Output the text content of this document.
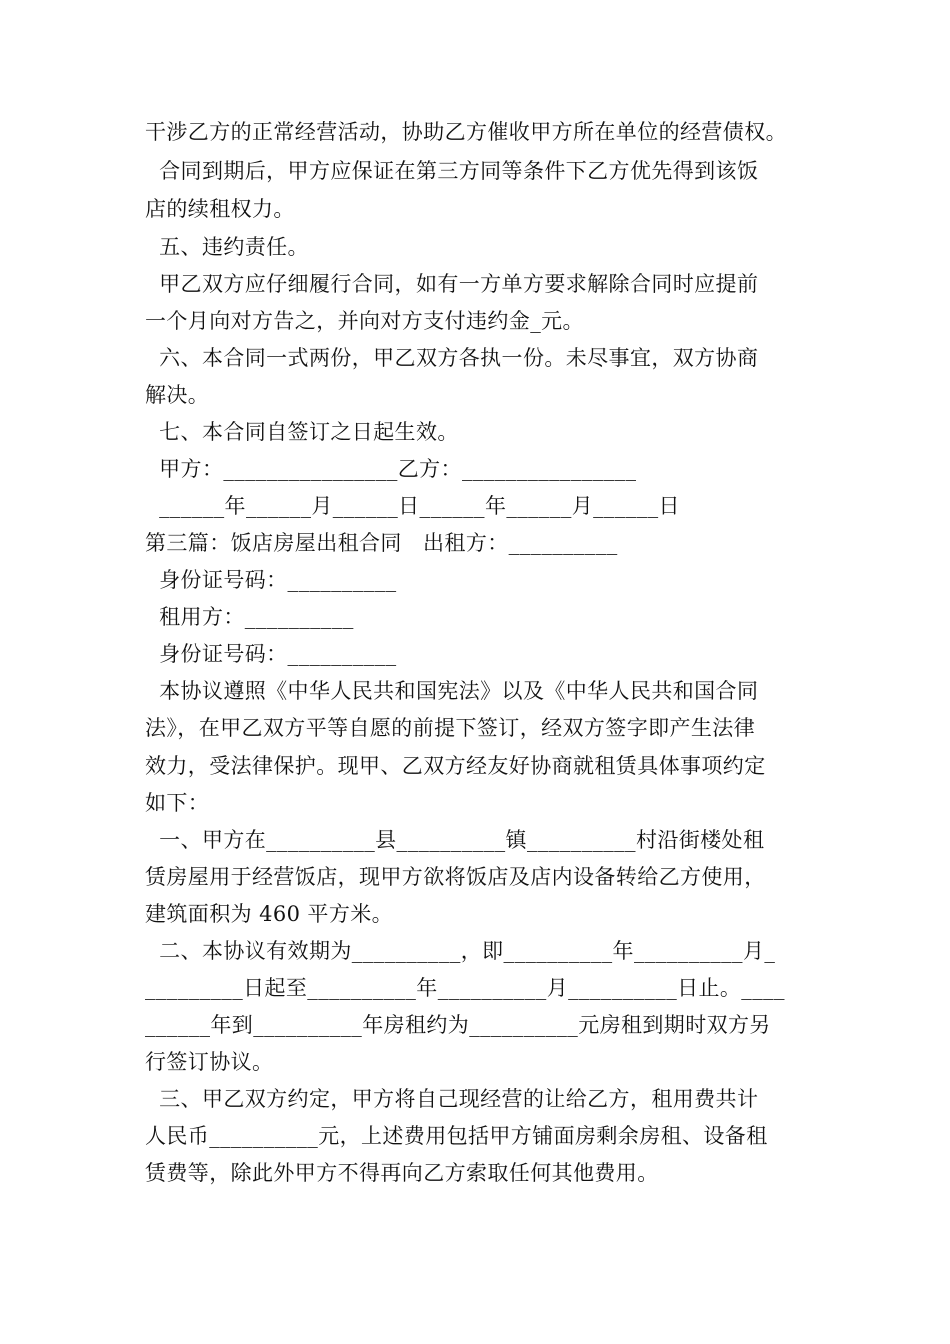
干涉乙方的正常经营活动，协助乙方催收甲方所在单位的经营债权。
合同到期后，甲方应保证在第三方同等条件下乙方优先得到该饭
店的续租权力。
五、违约责任。
甲乙双方应仔细履行合同，如有一方单方要求解除合同时应提前
一个月向对方告之，并向对方支付违约金_元。
六、本合同一式两份，甲乙双方各执一份。未尽事宜，双方协商
解决。
七、本合同自签订之日起生效。
甲方：________________乙方：________________
______年______月______日______年______月______日
第三篇：饭店房屋出租合同   出租方：__________
身份证号码：__________
租用方：__________
身份证号码：__________
本协议遵照《中华人民共和国宪法》以及《中华人民共和国合同
法》，在甲乙双方平等自愿的前提下签订，经双方签字即产生法律
效力，受法律保护。现甲、乙双方经友好协商就租赁具体事项约定
如下：
一、甲方在__________县__________镇__________村沿街楼处租
赁房屋用于经营饭店，现甲方欲将饭店及店内设备转给乙方使用，
建筑面积为 460 平方米。
二、本协议有效期为__________，即__________年__________月_
_________日起至__________年__________月__________日止。____
______年到__________年房租约为__________元房租到期时双方另
行签订协议。
三、甲乙双方约定，甲方将自己现经营的让给乙方，租用费共计
人民币__________元，上述费用包括甲方铺面房剩余房租、设备租
赁费等，除此外甲方不得再向乙方索取任何其他费用。
